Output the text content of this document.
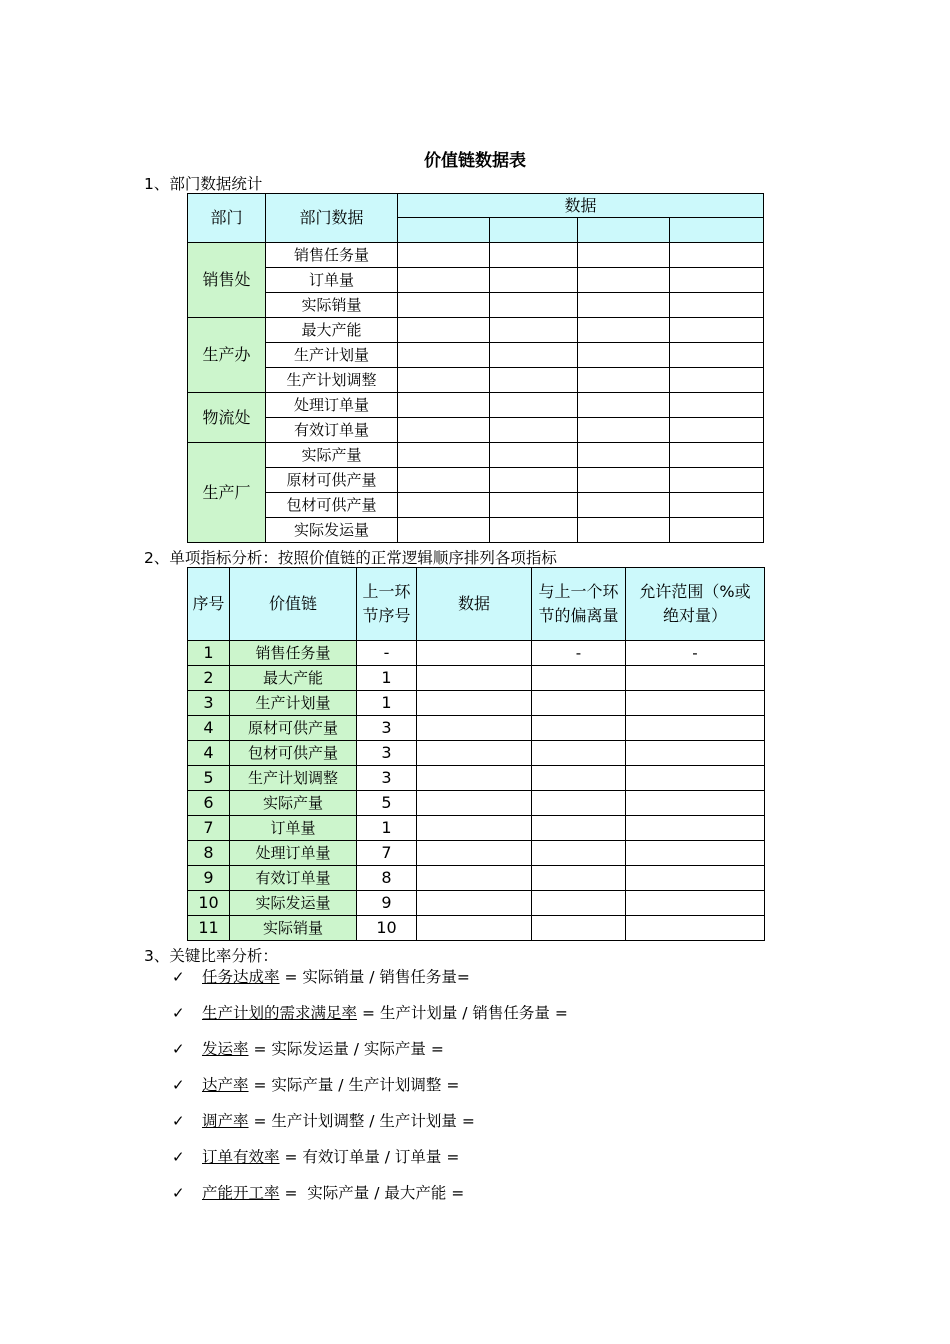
价值链数据表
1、部门数据统计
部门	部门数据	数据			

销售处	销售任务量				
	订单量				
	实际销量				
生产办	最大产能				
	生产计划量				
	生产计划调整				
物流处	处理订单量				
	有效订单量				
生产厂	实际产量				
	原材可供产量				
	包材可供产量				
	实际发运量				
2、单项指标分析：按照价值链的正常逻辑顺序排列各项指标
序号	价值链	上一环节序号	数据	与上一个环节的偏离量	允许范围（%或绝对量）
1	销售任务量	-		-	-
2	最大产能	1			
3	生产计划量	1			
4	原材可供产量	3			
4	包材可供产量	3			
5	生产计划调整	3			
6	实际产量	5			
7	订单量	1			
8	处理订单量	7			
9	有效订单量	8			
10	实际发运量	9			
11	实际销量	10			
3、关键比率分析：
✓ 任务达成率 = 实际销量 / 销售任务量=
✓ 生产计划的需求满足率 = 生产计划量 / 销售任务量 =
✓ 发运率 = 实际发运量 / 实际产量 =
✓ 达产率 = 实际产量 / 生产计划调整 =
✓ 调产率 = 生产计划调整 / 生产计划量 =
✓ 订单有效率 = 有效订单量 / 订单量 =
✓ 产能开工率 =  实际产量 / 最大产能 =
